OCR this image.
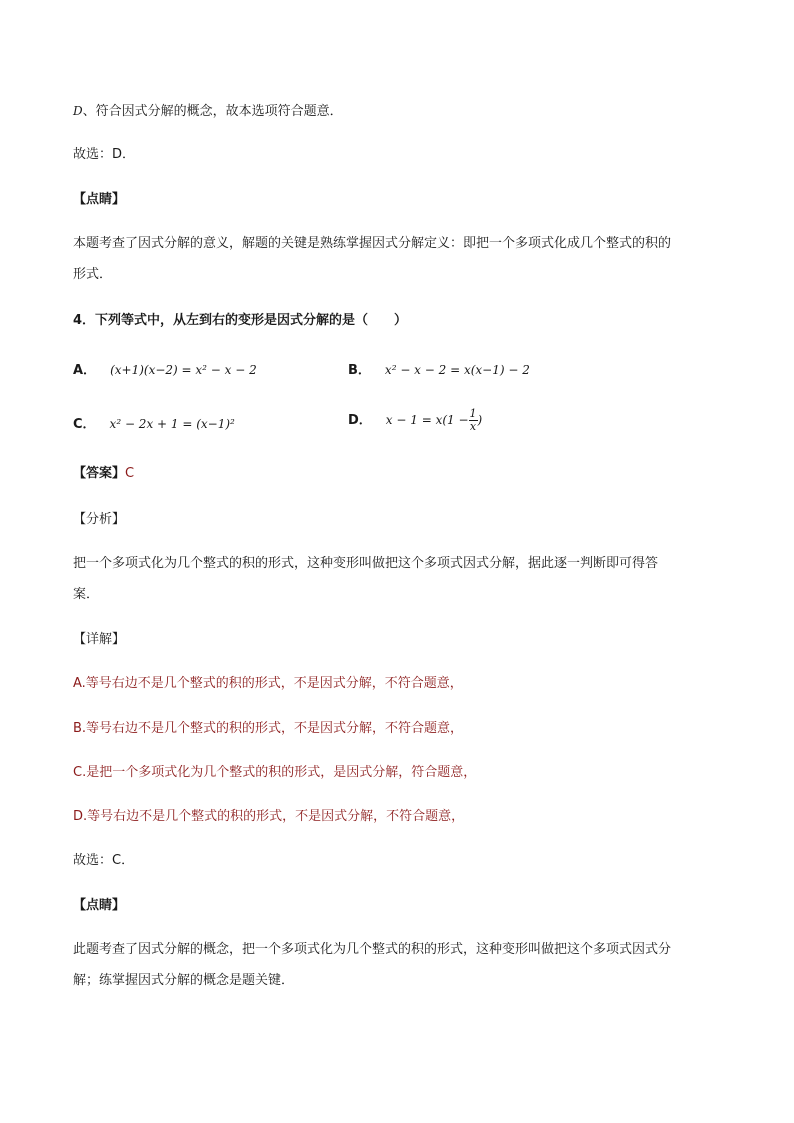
D、符合因式分解的概念，故本选项符合题意．
故选：D．
【点睛】
本题考查了因式分解的意义，解题的关键是熟练掌握因式分解定义：即把一个多项式化成几个整式的积的
形式．
4．下列等式中，从左到右的变形是因式分解的是（　　）
A． (x+1)(x−2) = x² − x − 2	B． x² − x − 2 = x(x−1) − 2
C． x² − 2x + 1 = (x−1)²	D． $x - 1 = x(1 - \frac{1}{x}$ )
【答案】C
【分析】
把一个多项式化为几个整式的积的形式，这种变形叫做把这个多项式因式分解，据此逐一判断即可得答
案．
【详解】
A.等号右边不是几个整式的积的形式，不是因式分解，不符合题意，
B.等号右边不是几个整式的积的形式，不是因式分解，不符合题意，
C.是把一个多项式化为几个整式的积的形式，是因式分解，符合题意，
D.等号右边不是几个整式的积的形式，不是因式分解，不符合题意，
故选：C．
【点睛】
此题考查了因式分解的概念，把一个多项式化为几个整式的积的形式，这种变形叫做把这个多项式因式分
解；练掌握因式分解的概念是题关键．
